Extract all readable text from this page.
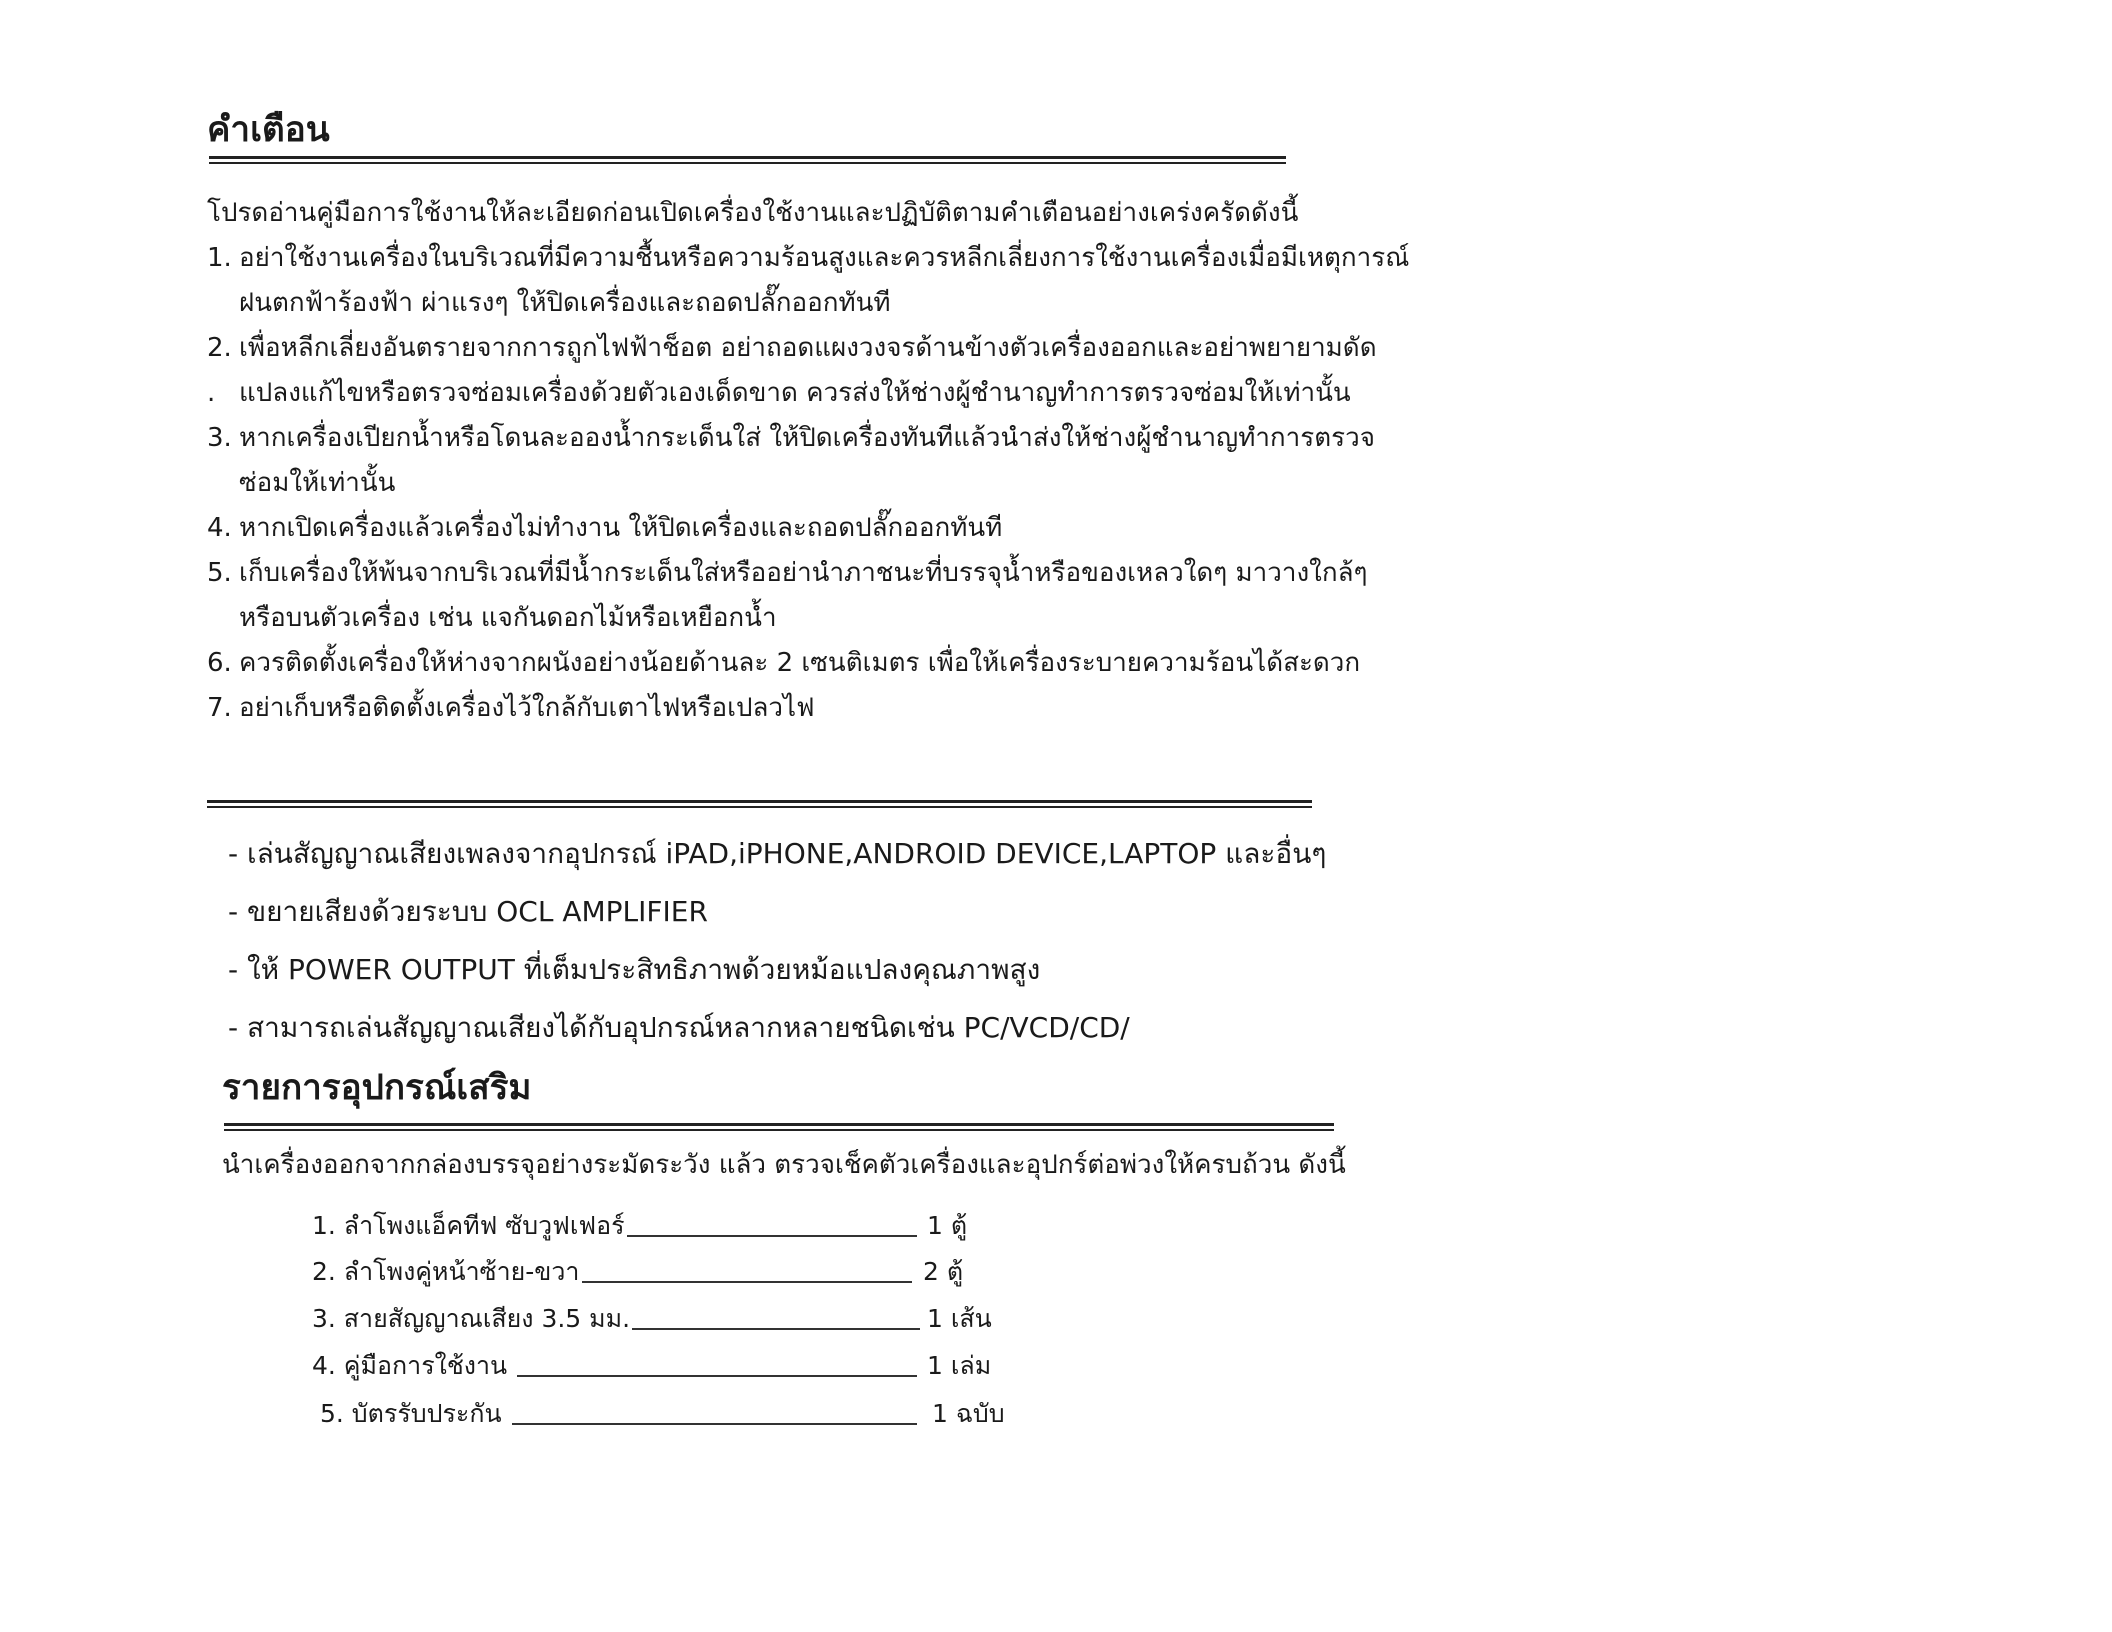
คำเตือน
โปรดอ่านคู่มือการใช้งานให้ละเอียดก่อนเปิดเครื่องใช้งานและปฏิบัติตามคำเตือนอย่างเคร่งครัดดังนี้
1. อย่าใช้งานเครื่องในบริเวณที่มีความชื้นหรือความร้อนสูงและควรหลีกเลี่ยงการใช้งานเครื่องเมื่อมีเหตุการณ์
ฝนตกฟ้าร้องฟ้า ผ่าแรงๆ ให้ปิดเครื่องและถอดปลั๊กออกทันที
2. เพื่อหลีกเลี่ยงอันตรายจากการถูกไฟฟ้าช็อต อย่าถอดแผงวงจรด้านข้างตัวเครื่องออกและอย่าพยายามดัด
. แปลงแก้ไขหรือตรวจซ่อมเครื่องด้วยตัวเองเด็ดขาด ควรส่งให้ช่างผู้ชำนาญทำการตรวจซ่อมให้เท่านั้น
3. หากเครื่องเปียกน้ำหรือโดนละอองน้ำกระเด็นใส่ ให้ปิดเครื่องทันทีแล้วนำส่งให้ช่างผู้ชำนาญทำการตรวจ
ซ่อมให้เท่านั้น
4. หากเปิดเครื่องแล้วเครื่องไม่ทำงาน ให้ปิดเครื่องและถอดปลั๊กออกทันที
5. เก็บเครื่องให้พ้นจากบริเวณที่มีน้ำกระเด็นใส่หรืออย่านำภาชนะที่บรรจุน้ำหรือของเหลวใดๆ มาวางใกล้ๆ
หรือบนตัวเครื่อง เช่น แจกันดอกไม้หรือเหยือกน้ำ
6. ควรติดตั้งเครื่องให้ห่างจากผนังอย่างน้อยด้านละ 2 เซนติเมตร เพื่อให้เครื่องระบายความร้อนได้สะดวก
7. อย่าเก็บหรือติดตั้งเครื่องไว้ใกล้กับเตาไฟหรือเปลวไฟ
- เล่นสัญญาณเสียงเพลงจากอุปกรณ์ iPAD,iPHONE,ANDROID DEVICE,LAPTOP และอื่นๆ
- ขยายเสียงด้วยระบบ OCL AMPLIFIER
- ให้ POWER OUTPUT ที่เต็มประสิทธิภาพด้วยหม้อแปลงคุณภาพสูง
- สามารถเล่นสัญญาณเสียงได้กับอุปกรณ์หลากหลายชนิดเช่น PC/VCD/CD/
รายการอุปกรณ์เสริม
นำเครื่องออกจากกล่องบรรจุอย่างระมัดระวัง แล้ว ตรวจเช็คตัวเครื่องและอุปกร์ต่อพ่วงให้ครบถ้วน ดังนี้
1. ลำโพงแอ็คทีฟ ซับวูฟเฟอร์	1 ตู้
2. ลำโพงคู่หน้าซ้าย-ขวา	2 ตู้
3. สายสัญญาณเสียง 3.5 มม.	1 เส้น
4. คู่มือการใช้งาน	1 เล่ม
5. บัตรรับประกัน	1 ฉบับ
